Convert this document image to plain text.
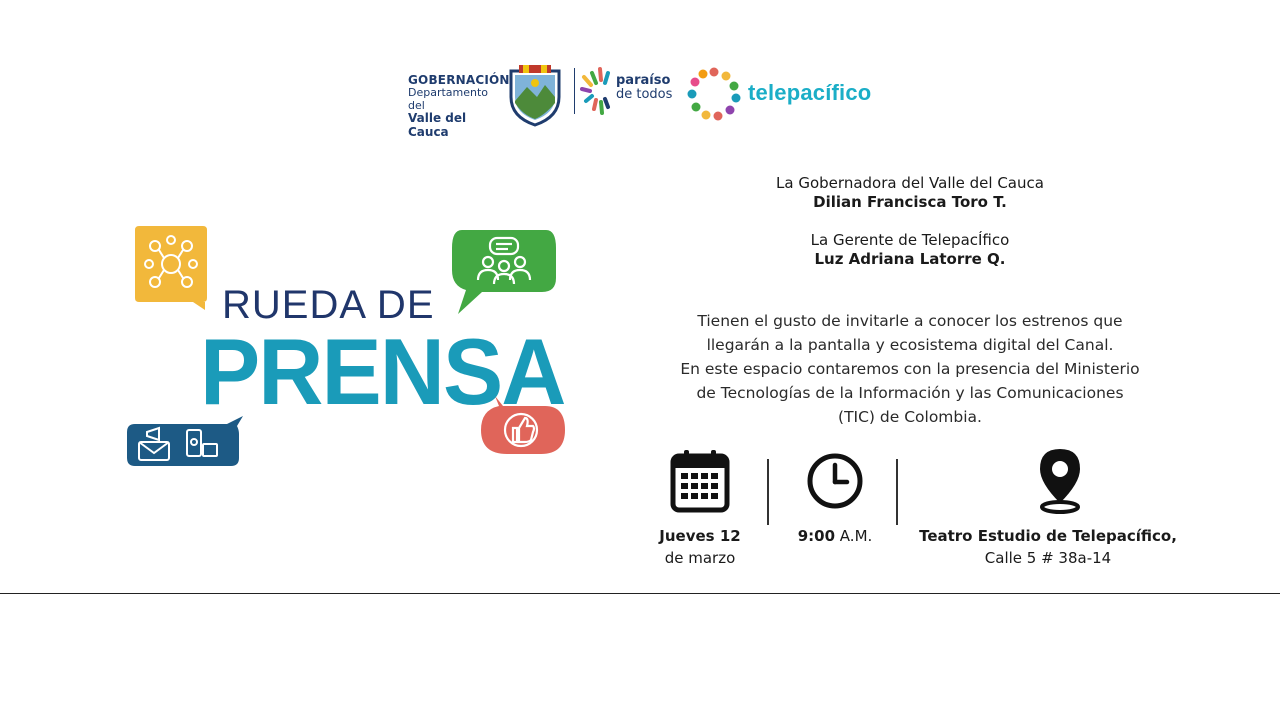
GOBERNACIÓN
Departamento del
Valle del Cauca
paraíso
de todos	telepacífico
RUEDA DE
PRENSA
La Gobernadora del Valle del Cauca
Dilian Francisca Toro T.
La Gerente de TelepacÍfico
Luz Adriana Latorre Q.
Tienen el gusto de invitarle a conocer los estrenos que
llegarán a la pantalla y ecosistema digital del Canal.
En este espacio contaremos con la presencia del Ministerio
de Tecnologías de la Información y las Comunicaciones
(TIC) de Colombia.
Jueves 12
de marzo
9:00 A.M.	Teatro Estudio de Telepacífico,
Calle 5 # 38a-14
